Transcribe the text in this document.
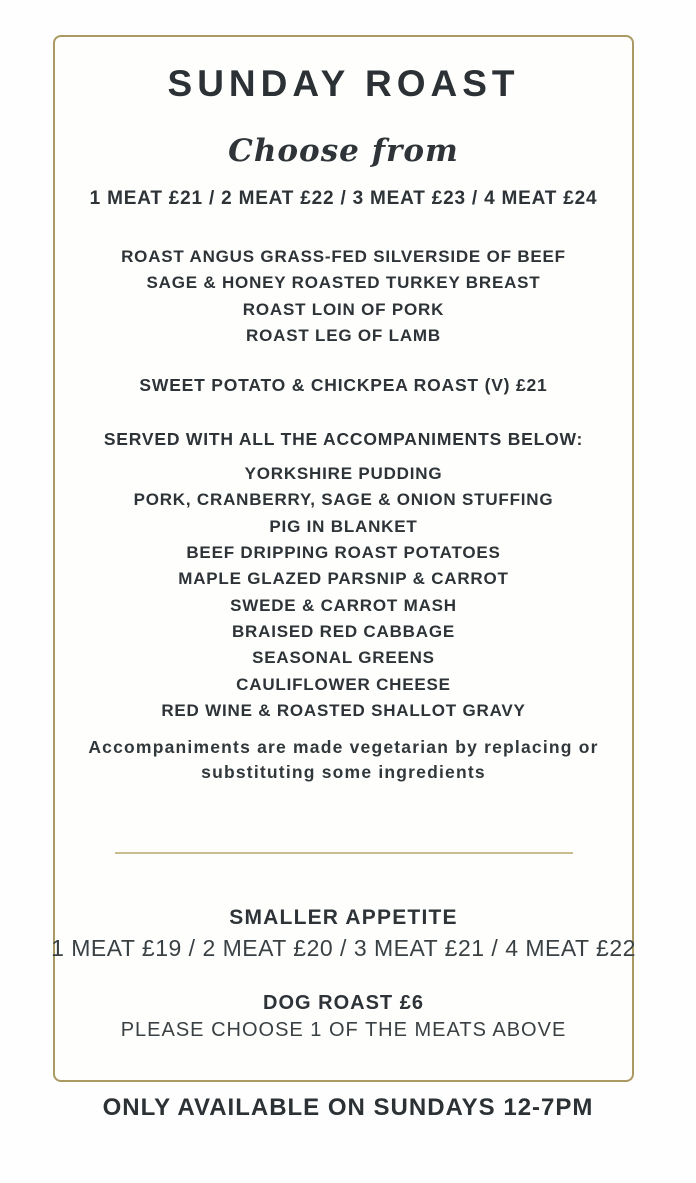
SUNDAY ROAST
Choose from
1 MEAT £21 / 2 MEAT £22 / 3 MEAT £23 / 4 MEAT £24
ROAST ANGUS GRASS-FED SILVERSIDE OF BEEF
SAGE & HONEY ROASTED TURKEY BREAST
ROAST LOIN OF PORK
ROAST LEG OF LAMB
SWEET POTATO & CHICKPEA ROAST (V) £21
SERVED WITH ALL THE ACCOMPANIMENTS BELOW:
YORKSHIRE PUDDING
PORK, CRANBERRY, SAGE & ONION STUFFING
PIG IN BLANKET
BEEF DRIPPING ROAST POTATOES
MAPLE GLAZED PARSNIP & CARROT
SWEDE & CARROT MASH
BRAISED RED CABBAGE
SEASONAL GREENS
CAULIFLOWER CHEESE
RED WINE & ROASTED SHALLOT GRAVY
Accompaniments are made vegetarian by replacing or substituting some ingredients
SMALLER APPETITE
1 MEAT £19 / 2 MEAT £20 / 3 MEAT £21 / 4 MEAT £22
DOG ROAST £6
PLEASE CHOOSE 1 OF THE MEATS ABOVE
ONLY AVAILABLE ON SUNDAYS 12-7PM
